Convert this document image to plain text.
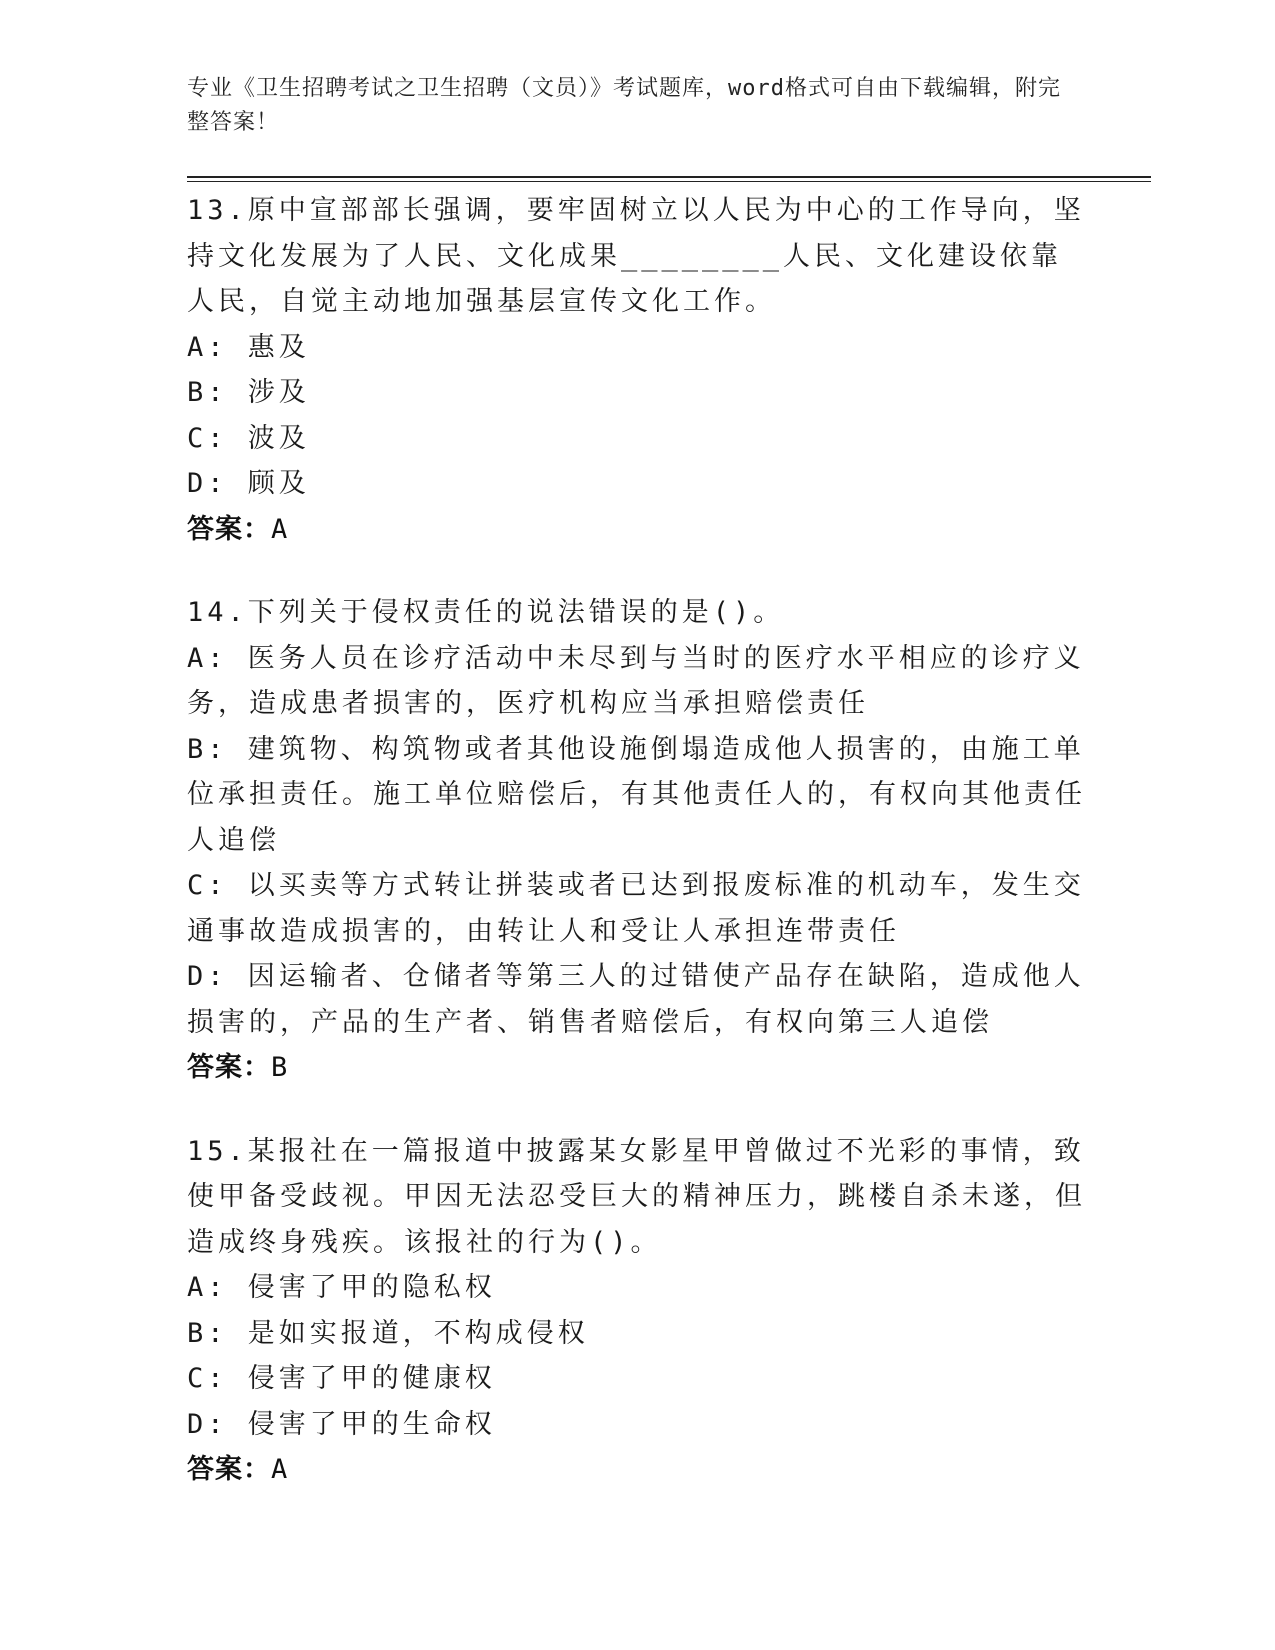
专业《卫生招聘考试之卫生招聘（文员）》考试题库，word格式可自由下载编辑，附完整答案！
13.原中宣部部长强调，要牢固树立以人民为中心的工作导向，坚持文化发展为了人民、文化成果________人民、文化建设依靠人民，自觉主动地加强基层宣传文化工作。
A: 惠及
B: 涉及
C: 波及
D: 顾及
答案：A
14.下列关于侵权责任的说法错误的是()。
A: 医务人员在诊疗活动中未尽到与当时的医疗水平相应的诊疗义务，造成患者损害的，医疗机构应当承担赔偿责任
B: 建筑物、构筑物或者其他设施倒塌造成他人损害的，由施工单位承担责任。施工单位赔偿后，有其他责任人的，有权向其他责任人追偿
C: 以买卖等方式转让拼装或者已达到报废标准的机动车，发生交通事故造成损害的，由转让人和受让人承担连带责任
D: 因运输者、仓储者等第三人的过错使产品存在缺陷，造成他人损害的，产品的生产者、销售者赔偿后，有权向第三人追偿
答案：B
15.某报社在一篇报道中披露某女影星甲曾做过不光彩的事情，致使甲备受歧视。甲因无法忍受巨大的精神压力，跳楼自杀未遂，但造成终身残疾。该报社的行为()。
A: 侵害了甲的隐私权
B: 是如实报道，不构成侵权
C: 侵害了甲的健康权
D: 侵害了甲的生命权
答案：A
